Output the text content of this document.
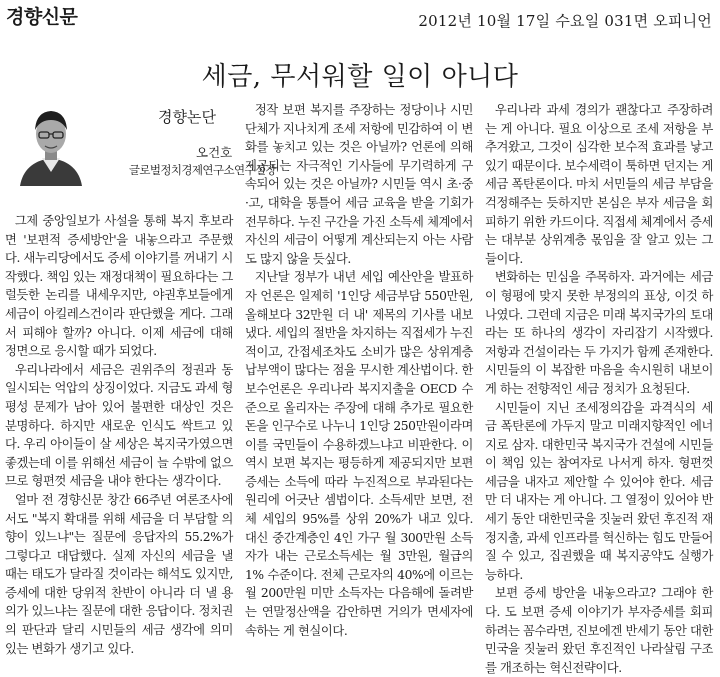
경향신문	2012년 10월 17일 수요일 031면 오피니언
세금, 무서워할 일이 아니다
경향논단
오건호
글로벌정치경제연구소연구실장

그제 중앙일보가 사설을 통해 복지 후보라면 '보편적 증세방안'을 내놓으라고 주문했다. 새누리당에서도 증세 이야기를 꺼내기 시작했다. 책임 있는 재정대책이 필요하다는 그럴듯한 논리를 내세우지만, 야권후보들에게 세금이 아킬레스건이라 판단했을 게다. 그래서 피해야 할까? 아니다. 이제 세금에 대해 정면으로 응시할 때가 되었다.

우리나라에서 세금은 권위주의 정권과 동일시되는 억압의 상징이었다. 지금도 과세 형평성 문제가 남아 있어 불편한 대상인 것은 분명하다. 하지만 새로운 인식도 싹트고 있다. 우리 아이들이 살 세상은 복지국가였으면 좋겠는데 이를 위해선 세금이 늘 수밖에 없으므로 형편껏 세금을 내야 한다는 생각이다.

얼마 전 경향신문 창간 66주년 여론조사에서도 "복지 확대를 위해 세금을 더 부담할 의향이 있느냐"는 질문에 응답자의 55.2%가 그렇다고 대답했다. 실제 자신의 세금을 낼 때는 태도가 달라질 것이라는 해석도 있지만, 증세에 대한 당위적 찬반이 아니라 더 낼 용의가 있느냐는 질문에 대한 응답이다. 정치권의 판단과 달리 시민들의 세금 생각에 의미 있는 변화가 생기고 있다.

정작 보편 복지를 주장하는 정당이나 시민단체가 지나치게 조세 저항에 민감하여 이 변화를 놓치고 있는 것은 아닐까? 언론에 의해 제공되는 자극적인 기사들에 무기력하게 구속되어 있는 것은 아닐까? 시민들 역시 초·중·고, 대학을 통틀어 세금 교육을 받을 기회가 전무하다. 누진 구간을 가진 소득세 체계에서 자신의 세금이 어떻게 계산되는지 아는 사람도 많지 않을 듯싶다.

지난달 정부가 내년 세입 예산안을 발표하자 언론은 일제히 '1인당 세금부담 550만원, 올해보다 32만원 더 내' 제목의 기사를 내보냈다. 세입의 절반을 차지하는 직접세가 누진적이고, 간접세조차도 소비가 많은 상위계층 납부액이 많다는 점을 무시한 계산법이다. 한 보수언론은 우리나라 복지지출을 OECD 수준으로 올리자는 주장에 대해 추가로 필요한 돈을 인구수로 나누니 1인당 250만원이라며 이를 국민들이 수용하겠느냐고 비판한다. 이 역시 보편 복지는 평등하게 제공되지만 보편 증세는 소득에 따라 누진적으로 부과된다는 원리에 어긋난 셈법이다. 소득세만 보면, 전체 세입의 95%를 상위 20%가 내고 있다. 대신 중간계층인 4인 가구 월 300만원 소득자가 내는 근로소득세는 월 3만원, 월급의 1% 수준이다. 전체 근로자의 40%에 이르는 월 200만원 미만 소득자는 다음해에 돌려받는 연말정산액을 감안하면 거의가 면세자에 속하는 게 현실이다.

우리나라 과세 경의가 괜찮다고 주장하려는 게 아니다. 필요 이상으로 조세 저항을 부추겨왔고, 그것이 심각한 보수적 효과를 낳고 있기 때문이다. 보수세력이 툭하면 던지는 게 세금 폭탄론이다. 마치 서민들의 세금 부담을 걱정해주는 듯하지만 본심은 부자 세금을 회피하기 위한 카드이다. 직접세 체계에서 증세는 대부분 상위계층 몫임을 잘 알고 있는 그들이다.

변화하는 민심을 주목하자. 과거에는 세금이 형평에 맞지 못한 부정의의 표상, 이것 하나였다. 그런데 지금은 미래 복지국가의 토대라는 또 하나의 생각이 자리잡기 시작했다. 저항과 건설이라는 두 가지가 함께 존재한다. 시민들의 이 복잡한 마음을 속시원히 내보이게 하는 전향적인 세금 정치가 요청된다.

시민들이 지닌 조세정의감을 과격식의 세금 폭탄론에 가두지 말고 미래지향적인 에너지로 삼자. 대한민국 복지국가 건설에 시민들이 책임 있는 참여자로 나서게 하자. 형편껏 세금을 내자고 제안할 수 있어야 한다. 세금만 더 내자는 게 아니다. 그 열정이 있어야 반세기 동안 대한민국을 짓눌러 왔던 후진적 재정지출, 과세 인프라를 혁신하는 힘도 만들어질 수 있고, 집권했을 때 복지공약도 실행가능하다.

보편 증세 방안을 내놓으라고? 그래야 한다. 도 보편 증세 이야기가 부자증세를 회피하려는 꼼수라면, 진보에겐 반세기 동안 대한민국을 짓눌러 왔던 후진적인 나라살림 구조를 개조하는 혁신전략이다.
